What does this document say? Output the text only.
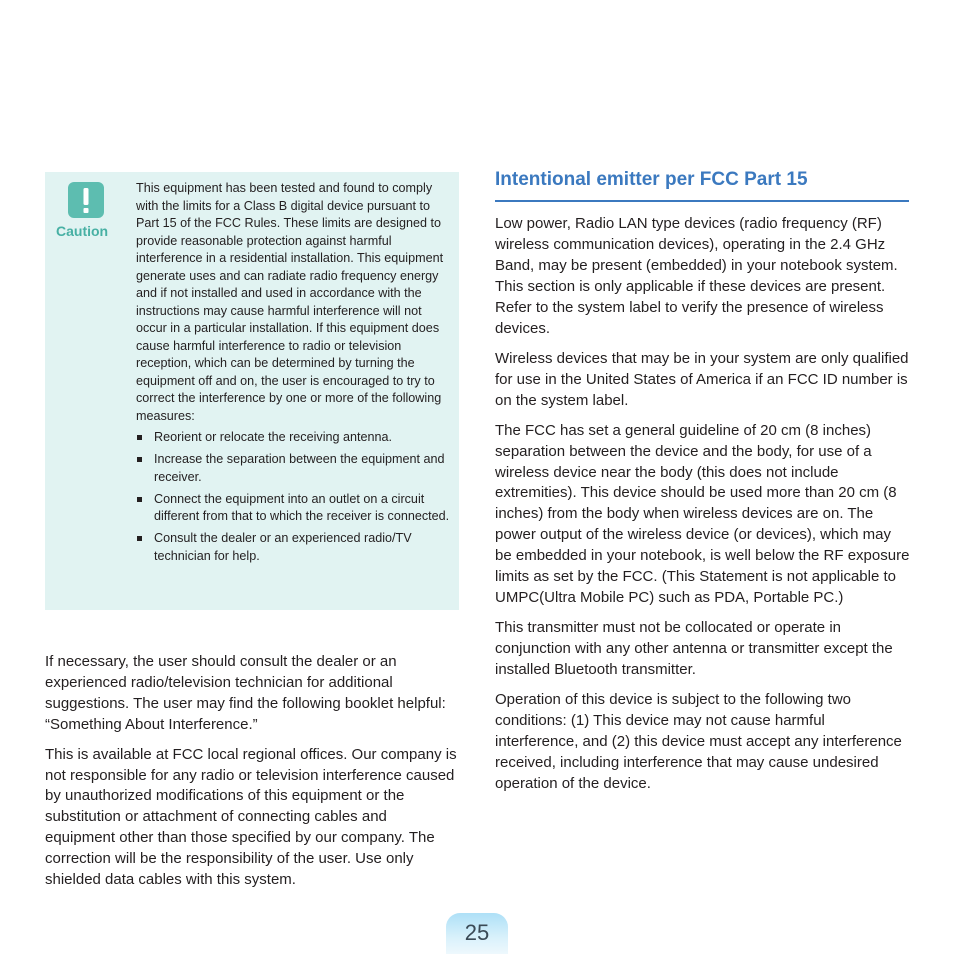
Caution

This equipment has been tested and found to comply with the limits for a Class B digital device pursuant to Part 15 of the FCC Rules. These limits are designed to provide reasonable protection against harmful interference in a residential installation. This equipment generate uses and can radiate radio frequency energy and if not installed and used in accordance with the instructions may cause harmful interference will not occur in a particular installation. If this equipment does cause harmful interference to radio or television reception, which can be determined by turning the equipment off and on, the user is encouraged to try to correct the interference by one or more of the following measures:

Reorient or relocate the receiving antenna.
Increase the separation between the equipment and receiver.
Connect the equipment into an outlet on a circuit different from that to which the receiver is connected.
Consult the dealer or an experienced radio/TV technician for help.

If necessary, the user should consult the dealer or an experienced radio/television technician for additional suggestions. The user may find the following booklet helpful: “Something About Interference.”

This is available at FCC local regional offices. Our company is not responsible for any radio or television interference caused by unauthorized modifications of this equipment or the substitution or attachment of connecting cables and equipment other than those specified by our company. The correction will be the responsibility of the user. Use only shielded data cables with this system.

Intentional emitter per FCC Part 15

Low power, Radio LAN type devices (radio frequency (RF) wireless communication devices), operating in the 2.4 GHz Band, may be present (embedded) in your notebook system. This section is only applicable if these devices are present. Refer to the system label to verify the presence of wireless devices.

Wireless devices that may be in your system are only qualified for use in the United States of America if an FCC ID number is on the system label.

The FCC has set a general guideline of 20 cm (8 inches) separation between the device and the body, for use of a wireless device near the body (this does not include extremities). This device should be used more than 20 cm (8 inches) from the body when wireless devices are on. The power output of the wireless device (or devices), which may be embedded in your notebook, is well below the RF exposure limits as set by the FCC. (This Statement is not applicable to UMPC(Ultra Mobile PC) such as PDA, Portable PC.)

This transmitter must not be collocated or operate in conjunction with any other antenna or transmitter except the installed Bluetooth transmitter.

Operation of this device is subject to the following two conditions: (1) This device may not cause harmful interference, and (2) this device must accept any interference received, including interference that may cause undesired operation of the device.

25
